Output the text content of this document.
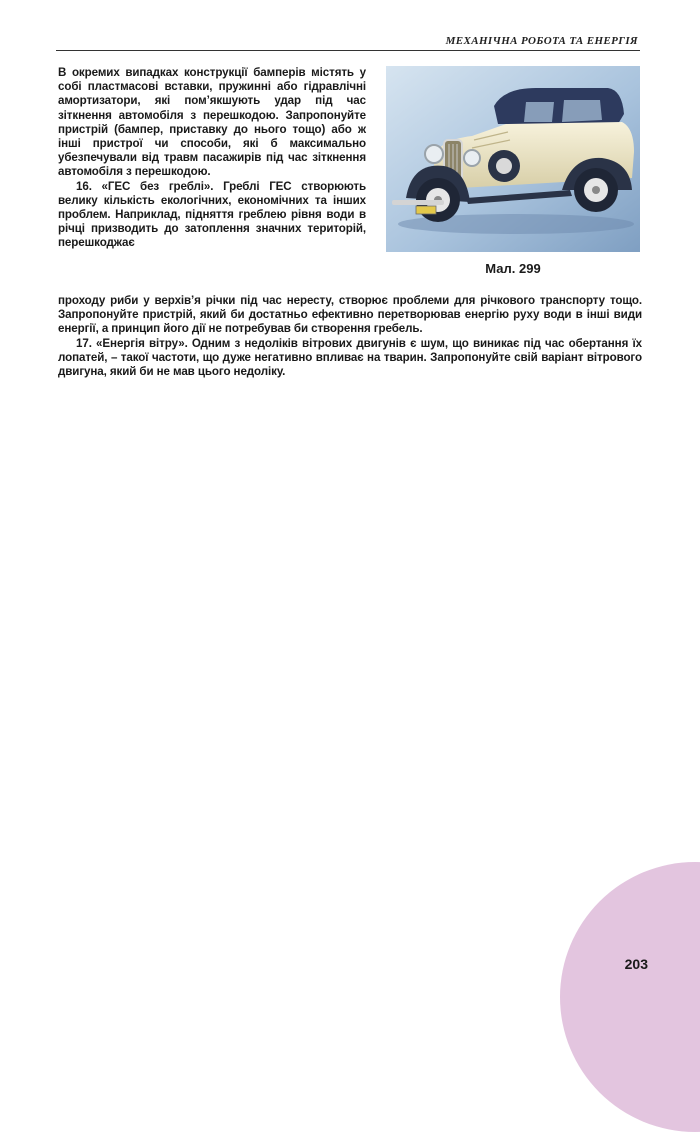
МЕХАНІЧНА РОБОТА ТА ЕНЕРГІЯ

В окремих випадках конструкції бамперів містять у собі пластмасові вставки, пружинні або гідравлічні амортизатори, які пом’якшують удар під час зіткнення автомобіля з перешкодою. Запропонуйте пристрій (бампер, приставку до нього тощо) або ж інші пристрої чи способи, які б максимально убезпечували від травм пасажирів під час зіткнення автомобіля з перешкодою.

16. «ГЕС без греблі». Греблі ГЕС створюють велику кількість екологічних, економічних та інших проблем. Наприклад, підняття греблею рівня води в річці призводить до затоплення значних територій, перешкоджає

Мал. 299

проходу риби у верхів’я річки під час нересту, створює проблеми для річкового транспорту тощо. Запропонуйте пристрій, який би достатньо ефективно перетворював енергію руху води в інші види енергії, а принцип його дії не потребував би створення гребель.

17. «Енергія вітру». Одним з недоліків вітрових двигунів є шум, що виникає під час обертання їх лопатей, – такої частоти, що дуже негативно впливає на тварин. Запропонуйте свій варіант вітрового двигуна, який би не мав цього недоліку.

203
